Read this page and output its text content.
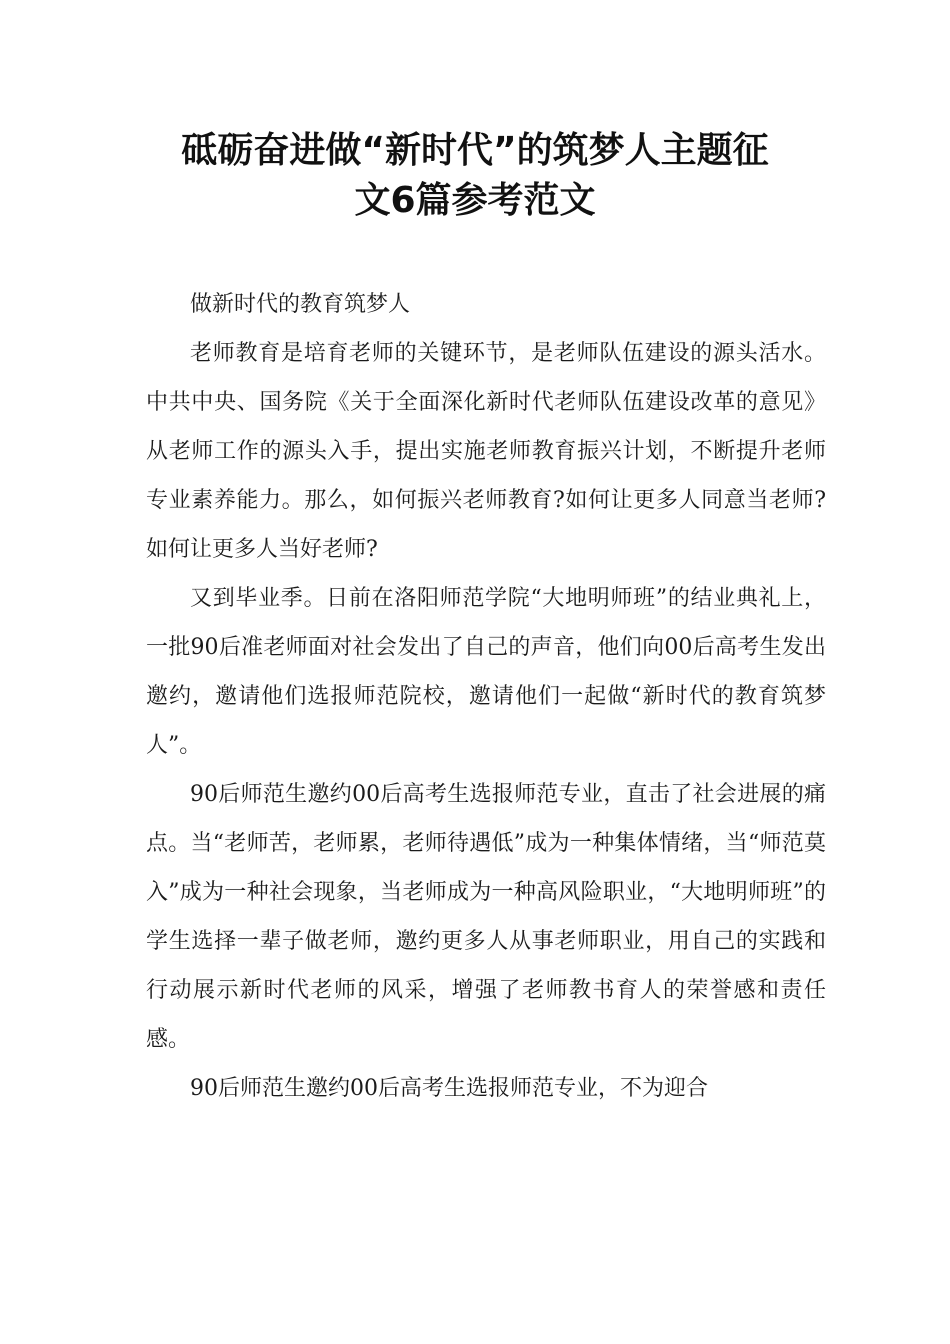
砥砺奋进做“新时代”的筑梦人主题征
文6篇参考范文

做新时代的教育筑梦人

老师教育是培育老师的关键环节，是老师队伍建设的源头活水。中共中央、国务院《关于全面深化新时代老师队伍建设改革的意见》从老师工作的源头入手，提出实施老师教育振兴计划，不断提升老师专业素养能力。那么，如何振兴老师教育?如何让更多人同意当老师?如何让更多人当好老师?

又到毕业季。日前在洛阳师范学院“大地明师班”的结业典礼上，一批90后准老师面对社会发出了自己的声音，他们向00后高考生发出邀约，邀请他们选报师范院校，邀请他们一起做“新时代的教育筑梦人”。

90后师范生邀约00后高考生选报师范专业，直击了社会进展的痛点。当“老师苦，老师累，老师待遇低”成为一种集体情绪，当“师范莫入”成为一种社会现象，当老师成为一种高风险职业，“大地明师班”的学生选择一辈子做老师，邀约更多人从事老师职业，用自己的实践和行动展示新时代老师的风采，增强了老师教书育人的荣誉感和责任感。

90后师范生邀约00后高考生选报师范专业，不为迎合
